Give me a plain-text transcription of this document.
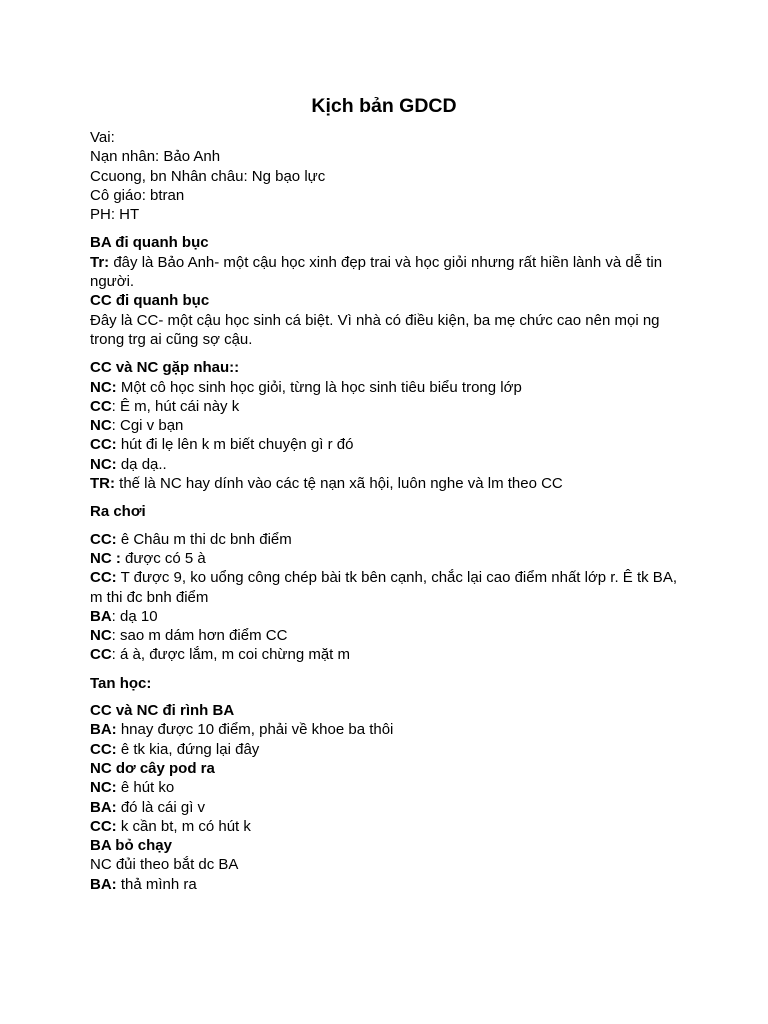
Kịch bản GDCD
Vai:
Nạn nhân: Bảo Anh
Ccuong, bn Nhân châu: Ng bạo lực
Cô giáo: btran
PH: HT
BA đi quanh bục
Tr: đây là Bảo Anh- một cậu học xinh đẹp trai và học giỏi nhưng rất hiền lành và dễ tin người.
CC đi quanh bục
Đây là CC- một cậu học sinh cá biệt. Vì nhà có điều kiện, ba mẹ chức cao nên mọi ng trong trg ai cũng sợ cậu.
CC và NC gặp nhau::
NC: Một cô học sinh học giỏi, từng là học sinh tiêu biểu trong lớp
CC: Ê m, hút cái này k
NC: Cgi v bạn
CC: hút đi lẹ lên k m biết chuyện gì r đó
NC: dạ dạ..
TR: thế là NC hay dính vào các tệ nạn xã hội, luôn nghe và lm theo CC
Ra chơi
CC: ê Châu m thi dc bnh điểm
NC : được có 5 à
CC: T được 9, ko uổng công chép bài tk bên cạnh, chắc lại cao điểm nhất lớp r. Ê tk BA, m thi đc bnh điểm
BA: dạ 10
NC: sao m dám hơn điểm CC
CC: á à, được lắm, m coi chừng mặt m
Tan học:
CC và NC đi rình BA
BA: hnay được 10 điểm, phải về khoe ba thôi
CC: ê tk kia, đứng lại đây
NC dơ cây pod ra
NC: ê hút ko
BA: đó là cái gì v
CC: k cần bt, m có hút k
BA bỏ chạy
NC đủi theo bắt dc BA
BA: thả mình ra
